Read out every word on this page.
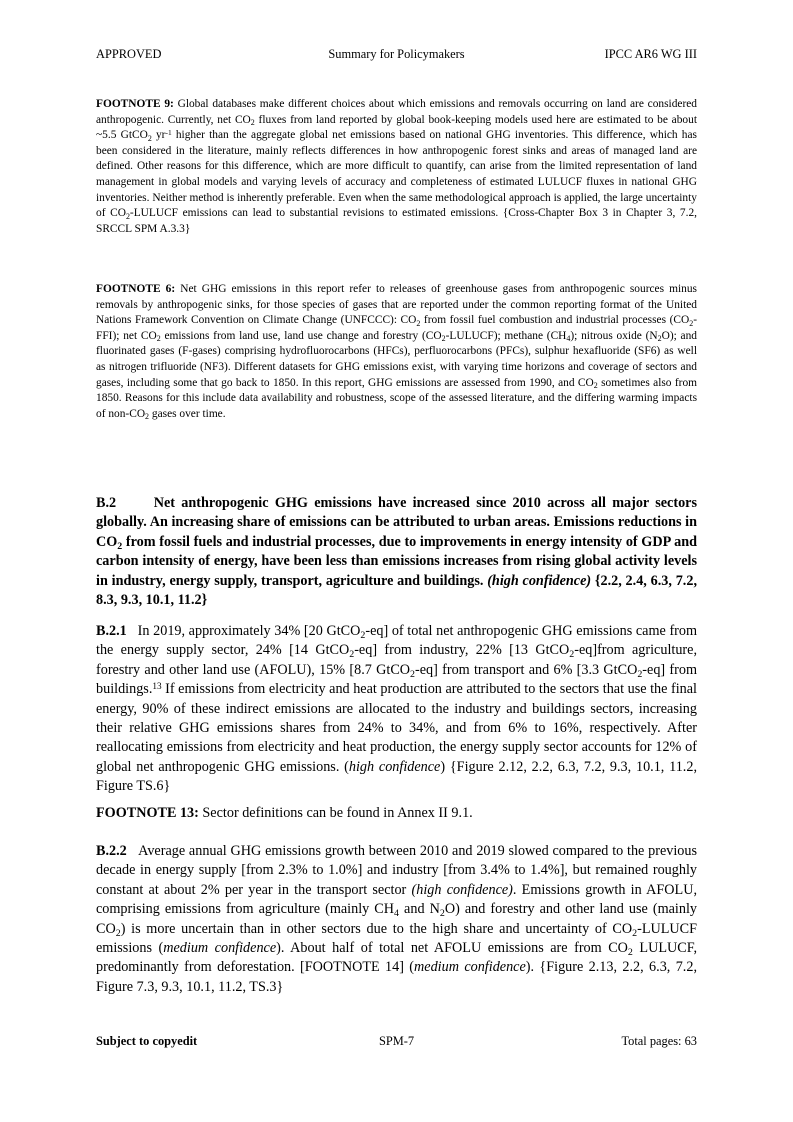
APPROVED	Summary for Policymakers	IPCC AR6 WG III

FOOTNOTE 9: Global databases make different choices about which emissions and removals occurring on land are considered anthropogenic. Currently, net $CO_2$ fluxes from land reported by global book-keeping models used here are estimated to be about ~5.5 GtCO$_2$ $yr^{-1}$ higher than the aggregate global net emissions based on national GHG inventories. This difference, which has been considered in the literature, mainly reflects differences in how anthropogenic forest sinks and areas of managed land are defined. Other reasons for this difference, which are more difficult to quantify, can arise from the limited representation of land management in global models and varying levels of accuracy and completeness of estimated LULUCF fluxes in national GHG inventories. Neither method is inherently preferable. Even when the same methodological approach is applied, the large uncertainty of $CO_2$-LULUCF emissions can lead to substantial revisions to estimated emissions. {Cross-Chapter Box 3 in Chapter 3, 7.2, SRCCL SPM A.3.3}

FOOTNOTE 6: Net GHG emissions in this report refer to releases of greenhouse gases from anthropogenic sources minus removals by anthropogenic sinks, for those species of gases that are reported under the common reporting format of the United Nations Framework Convention on Climate Change (UNFCCC): $CO_2$ from fossil fuel combustion and industrial processes $(CO_2-FFI)$; net $CO_2$ emissions from land use, land use change and forestry $(CO_2-LULUCF)$; methane $(CH_4)$; nitrous oxide $(N_2O)$; and fluorinated gases (F-gases) comprising hydrofluorocarbons (HFCs), perfluorocarbons (PFCs), sulphur hexafluoride (SF6) as well as nitrogen trifluoride (NF3). Different datasets for GHG emissions exist, with varying time horizons and coverage of sectors and gases, including some that go back to 1850. In this report, GHG emissions are assessed from 1990, and $CO_2$ sometimes also from 1850. Reasons for this include data availability and robustness, scope of the assessed literature, and the differing warming impacts of non-$CO_2$ gases over time.

B.2	Net anthropogenic GHG emissions have increased since 2010 across all major sectors globally. An increasing share of emissions can be attributed to urban areas. Emissions reductions in $CO_2$ from fossil fuels and industrial processes, due to improvements in energy intensity of GDP and carbon intensity of energy, have been less than emissions increases from rising global activity levels in industry, energy supply, transport, agriculture and buildings. (high confidence) {2.2, 2.4, 6.3, 7.2, 8.3, 9.3, 10.1, 11.2}

B.2.1 In 2019, approximately 34% [20 GtCO$_2$-eq] of total net anthropogenic GHG emissions came from the energy supply sector, 24% [14 GtCO$_2$-eq] from industry, 22% [13 GtCO$_2$-eq]from agriculture, forestry and other land use (AFOLU), 15% [8.7 GtCO$_2$-eq] from transport and 6% [3.3 GtCO$_2$-eq] from buildings.$^{13}$ If emissions from electricity and heat production are attributed to the sectors that use the final energy, 90% of these indirect emissions are allocated to the industry and buildings sectors, increasing their relative GHG emissions shares from 24% to 34%, and from 6% to 16%, respectively. After reallocating emissions from electricity and heat production, the energy supply sector accounts for 12% of global net anthropogenic GHG emissions. (high confidence) {Figure 2.12, 2.2, 6.3, 7.2, 9.3, 10.1, 11.2, Figure TS.6}

FOOTNOTE 13: Sector definitions can be found in Annex II 9.1.

B.2.2 Average annual GHG emissions growth between 2010 and 2019 slowed compared to the previous decade in energy supply [from 2.3% to 1.0%] and industry [from 3.4% to 1.4%], but remained roughly constant at about 2% per year in the transport sector (high confidence). Emissions growth in AFOLU, comprising emissions from agriculture (mainly $CH_4$ and $N_2O$) and forestry and other land use (mainly $CO_2$) is more uncertain than in other sectors due to the high share and uncertainty of $CO_2$-LULUCF emissions (medium confidence). About half of total net AFOLU emissions are from $CO_2$ LULUCF, predominantly from deforestation. [FOOTNOTE 14] (medium confidence). {Figure 2.13, 2.2, 6.3, 7.2, Figure 7.3, 9.3, 10.1, 11.2, TS.3}

Subject to copyedit	SPM-7	Total pages: 63
